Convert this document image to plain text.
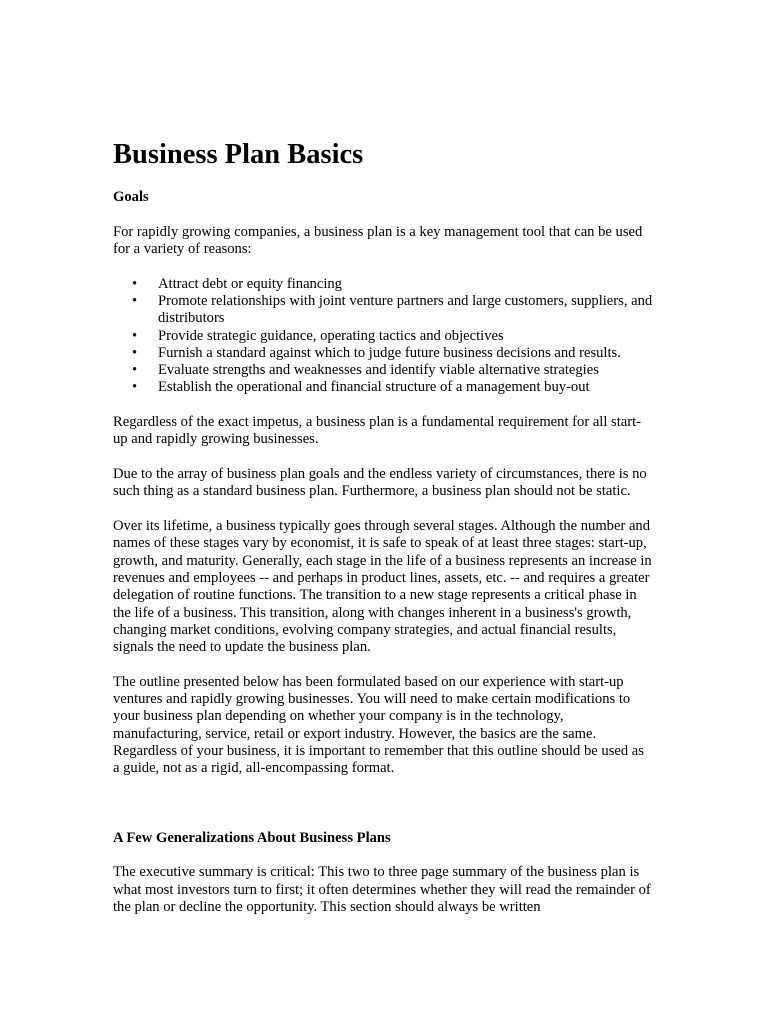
Business Plan Basics
Goals

For rapidly growing companies, a business plan is a key management tool that can be used for a variety of reasons:

• Attract debt or equity financing
• Promote relationships with joint venture partners and large customers, suppliers, and distributors
• Provide strategic guidance, operating tactics and objectives
• Furnish a standard against which to judge future business decisions and results.
• Evaluate strengths and weaknesses and identify viable alternative strategies
• Establish the operational and financial structure of a management buy-out

Regardless of the exact impetus, a business plan is a fundamental requirement for all start-up and rapidly growing businesses.

Due to the array of business plan goals and the endless variety of circumstances, there is no such thing as a standard business plan. Furthermore, a business plan should not be static.

Over its lifetime, a business typically goes through several stages. Although the number and names of these stages vary by economist, it is safe to speak of at least three stages: start-up, growth, and maturity. Generally, each stage in the life of a business represents an increase in revenues and employees -- and perhaps in product lines, assets, etc. -- and requires a greater delegation of routine functions. The transition to a new stage represents a critical phase in the life of a business. This transition, along with changes inherent in a business's growth, changing market conditions, evolving company strategies, and actual financial results, signals the need to update the business plan.

The outline presented below has been formulated based on our experience with start-up ventures and rapidly growing businesses. You will need to make certain modifications to your business plan depending on whether your company is in the technology, manufacturing, service, retail or export industry. However, the basics are the same. Regardless of your business, it is important to remember that this outline should be used as a guide, not as a rigid, all-encompassing format.

A Few Generalizations About Business Plans

The executive summary is critical: This two to three page summary of the business plan is what most investors turn to first; it often determines whether they will read the remainder of the plan or decline the opportunity. This section should always be written
